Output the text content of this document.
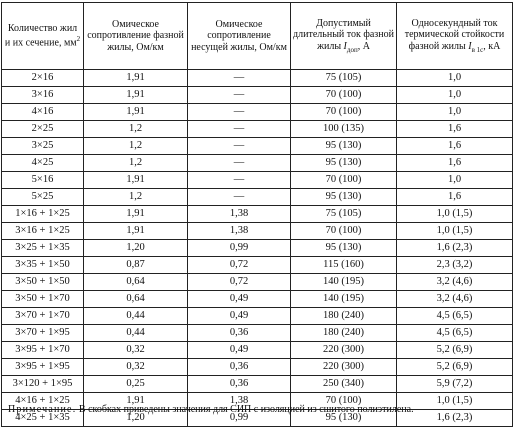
Количество жил и их сечение, $мм^2$	Омическое сопротивление фазной жилы, Ом/км	Омическое сопротивление несущей жилы, Ом/км	Допустимый длительный ток фазной жилы $I_{доп}$, А	Односекундный ток термической стойкости фазной жилы $I_{в 1с}$, кА
2×16	1,91	—	75 (105)	1,0
3×16	1,91	—	70 (100)	1,0
4×16	1,91	—	70 (100)	1,0
2×25	1,2	—	100 (135)	1,6
3×25	1,2	—	95 (130)	1,6
4×25	1,2	—	95 (130)	1,6
5×16	1,91	—	70 (100)	1,0
5×25	1,2	—	95 (130)	1,6
1×16 + 1×25	1,91	1,38	75 (105)	1,0 (1,5)
3×16 + 1×25	1,91	1,38	70 (100)	1,0 (1,5)
3×25 + 1×35	1,20	0,99	95 (130)	1,6 (2,3)
3×35 + 1×50	0,87	0,72	115 (160)	2,3 (3,2)
3×50 + 1×50	0,64	0,72	140 (195)	3,2 (4,6)
3×50 + 1×70	0,64	0,49	140 (195)	3,2 (4,6)
3×70 + 1×70	0,44	0,49	180 (240)	4,5 (6,5)
3×70 + 1×95	0,44	0,36	180 (240)	4,5 (6,5)
3×95 + 1×70	0,32	0,49	220 (300)	5,2 (6,9)
3×95 + 1×95	0,32	0,36	220 (300)	5,2 (6,9)
3×120 + 1×95	0,25	0,36	250 (340)	5,9 (7,2)
4×16 + 1×25	1,91	1,38	70 (100)	1,0 (1,5)
4×25 + 1×35	1,20	0,99	95 (130)	1,6 (2,3)
Примечание. В скобках приведены значения для СИП с изоляцией из сшитого полиэтилена.
